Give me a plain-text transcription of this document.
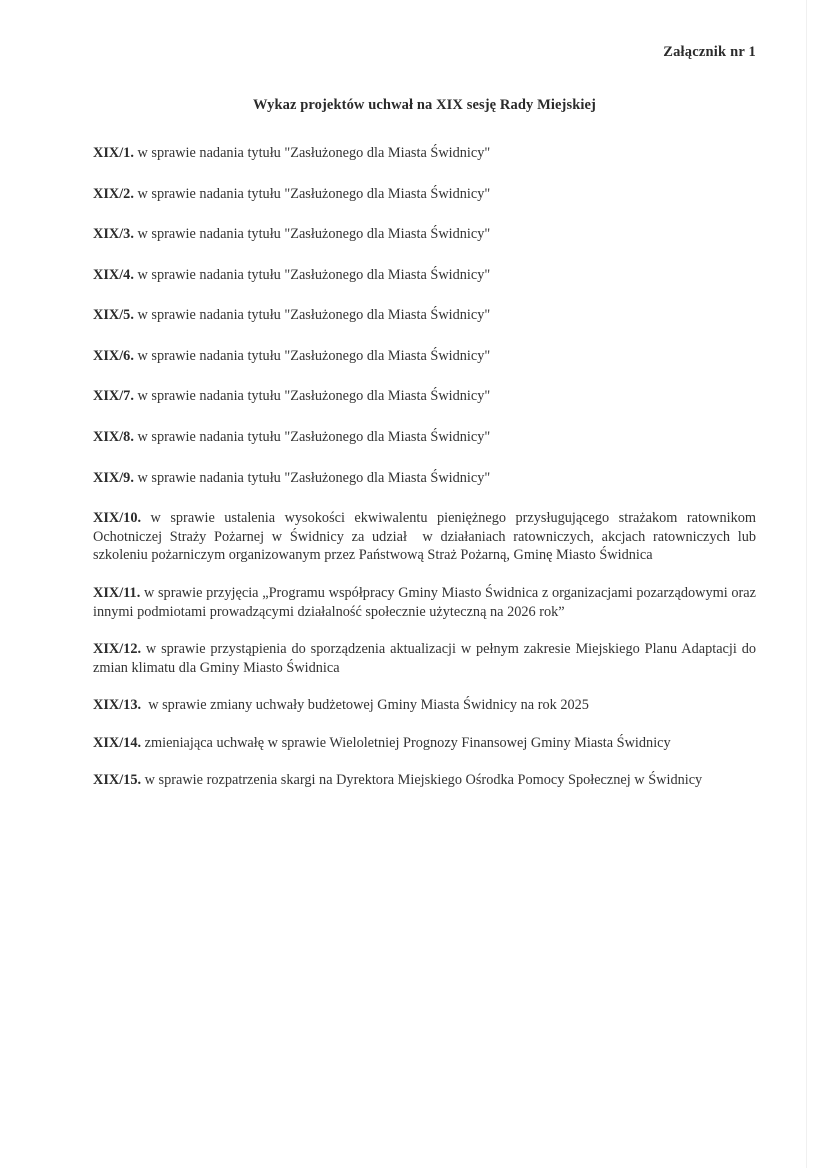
Załącznik nr 1
Wykaz projektów uchwał na XIX sesję Rady Miejskiej
XIX/1. w sprawie nadania tytułu "Zasłużonego dla Miasta Świdnicy"
XIX/2. w sprawie nadania tytułu "Zasłużonego dla Miasta Świdnicy"
XIX/3. w sprawie nadania tytułu "Zasłużonego dla Miasta Świdnicy"
XIX/4. w sprawie nadania tytułu "Zasłużonego dla Miasta Świdnicy"
XIX/5. w sprawie nadania tytułu "Zasłużonego dla Miasta Świdnicy"
XIX/6. w sprawie nadania tytułu "Zasłużonego dla Miasta Świdnicy"
XIX/7. w sprawie nadania tytułu "Zasłużonego dla Miasta Świdnicy"
XIX/8. w sprawie nadania tytułu "Zasłużonego dla Miasta Świdnicy"
XIX/9. w sprawie nadania tytułu "Zasłużonego dla Miasta Świdnicy"
XIX/10. w sprawie ustalenia wysokości ekwiwalentu pieniężnego przysługującego strażakom ratownikom  Ochotniczej Straży Pożarnej w Świdnicy za udział  w działaniach ratowniczych, akcjach ratowniczych lub szkoleniu pożarniczym organizowanym przez Państwową Straż Pożarną, Gminę Miasto Świdnica
XIX/11. w sprawie przyjęcia „Programu współpracy Gminy Miasto Świdnica z organizacjami pozarządowymi oraz innymi podmiotami prowadzącymi działalność społecznie użyteczną na 2026 rok”
XIX/12. w sprawie przystąpienia do sporządzenia aktualizacji w pełnym zakresie Miejskiego Planu Adaptacji do zmian klimatu dla Gminy Miasto Świdnica
XIX/13.  w sprawie zmiany uchwały budżetowej Gminy Miasta Świdnicy na rok 2025
XIX/14. zmieniająca uchwałę w sprawie Wieloletniej Prognozy Finansowej Gminy Miasta Świdnicy
XIX/15. w sprawie rozpatrzenia skargi na Dyrektora Miejskiego Ośrodka Pomocy Społecznej w Świdnicy
